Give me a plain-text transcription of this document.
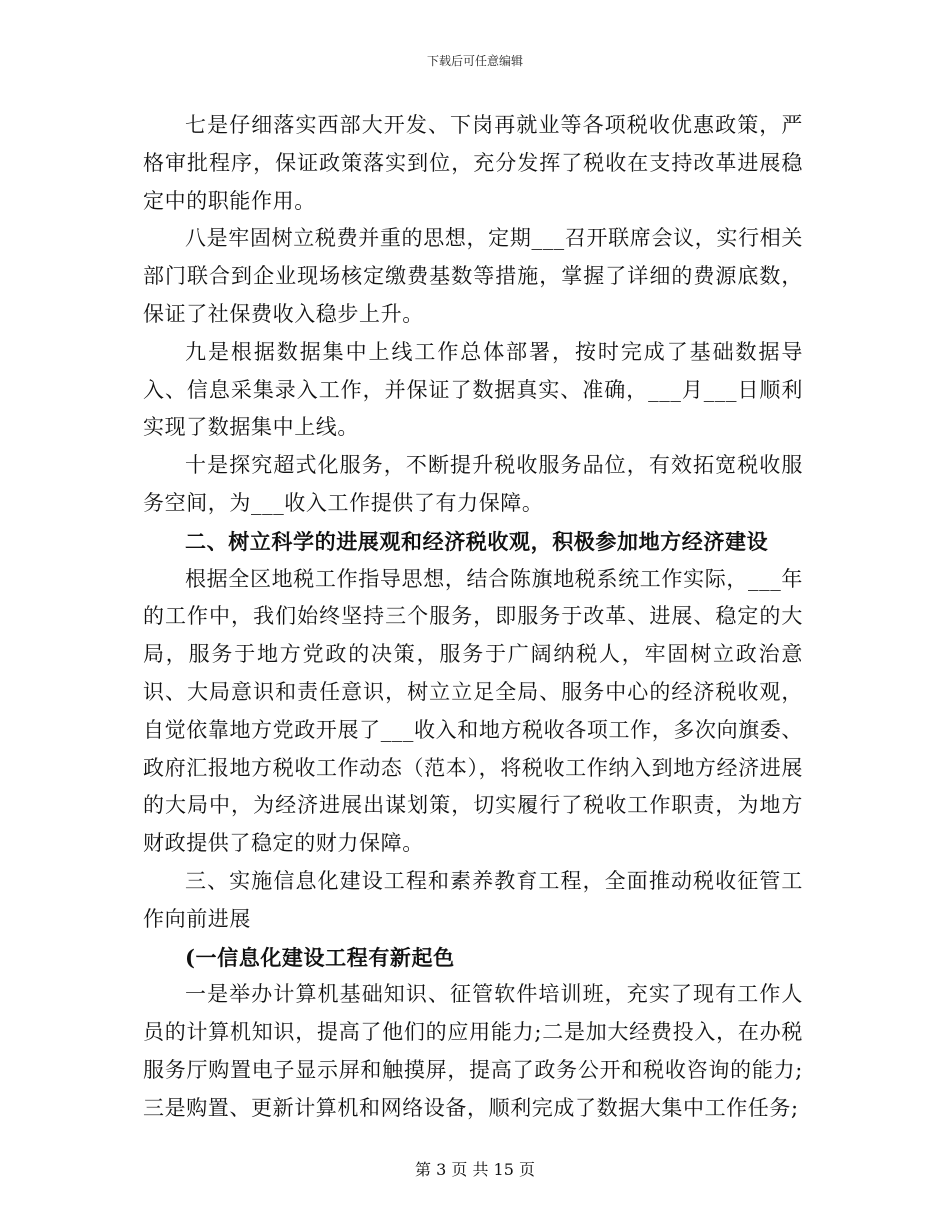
下载后可任意编辑

七是仔细落实西部大开发、下岗再就业等各项税收优惠政策，严格审批程序，保证政策落实到位，充分发挥了税收在支持改革进展稳定中的职能作用。

八是牢固树立税费并重的思想，定期___召开联席会议，实行相关部门联合到企业现场核定缴费基数等措施，掌握了详细的费源底数，保证了社保费收入稳步上升。

九是根据数据集中上线工作总体部署，按时完成了基础数据导入、信息采集录入工作，并保证了数据真实、准确，___月___日顺利实现了数据集中上线。

十是探究超式化服务，不断提升税收服务品位，有效拓宽税收服务空间，为___收入工作提供了有力保障。

二、树立科学的进展观和经济税收观，积极参加地方经济建设

根据全区地税工作指导思想，结合陈旗地税系统工作实际，___年的工作中，我们始终坚持三个服务，即服务于改革、进展、稳定的大局，服务于地方党政的决策，服务于广阔纳税人，牢固树立政治意识、大局意识和责任意识，树立立足全局、服务中心的经济税收观，自觉依靠地方党政开展了___收入和地方税收各项工作，多次向旗委、政府汇报地方税收工作动态（范本），将税收工作纳入到地方经济进展的大局中，为经济进展出谋划策，切实履行了税收工作职责，为地方财政提供了稳定的财力保障。

三、实施信息化建设工程和素养教育工程，全面推动税收征管工作向前进展

(一信息化建设工程有新起色

一是举办计算机基础知识、征管软件培训班，充实了现有工作人员的计算机知识，提高了他们的应用能力;二是加大经费投入，在办税服务厅购置电子显示屏和触摸屏，提高了政务公开和税收咨询的能力;三是购置、更新计算机和网络设备，顺利完成了数据大集中工作任务;

第 3 页 共 15 页
